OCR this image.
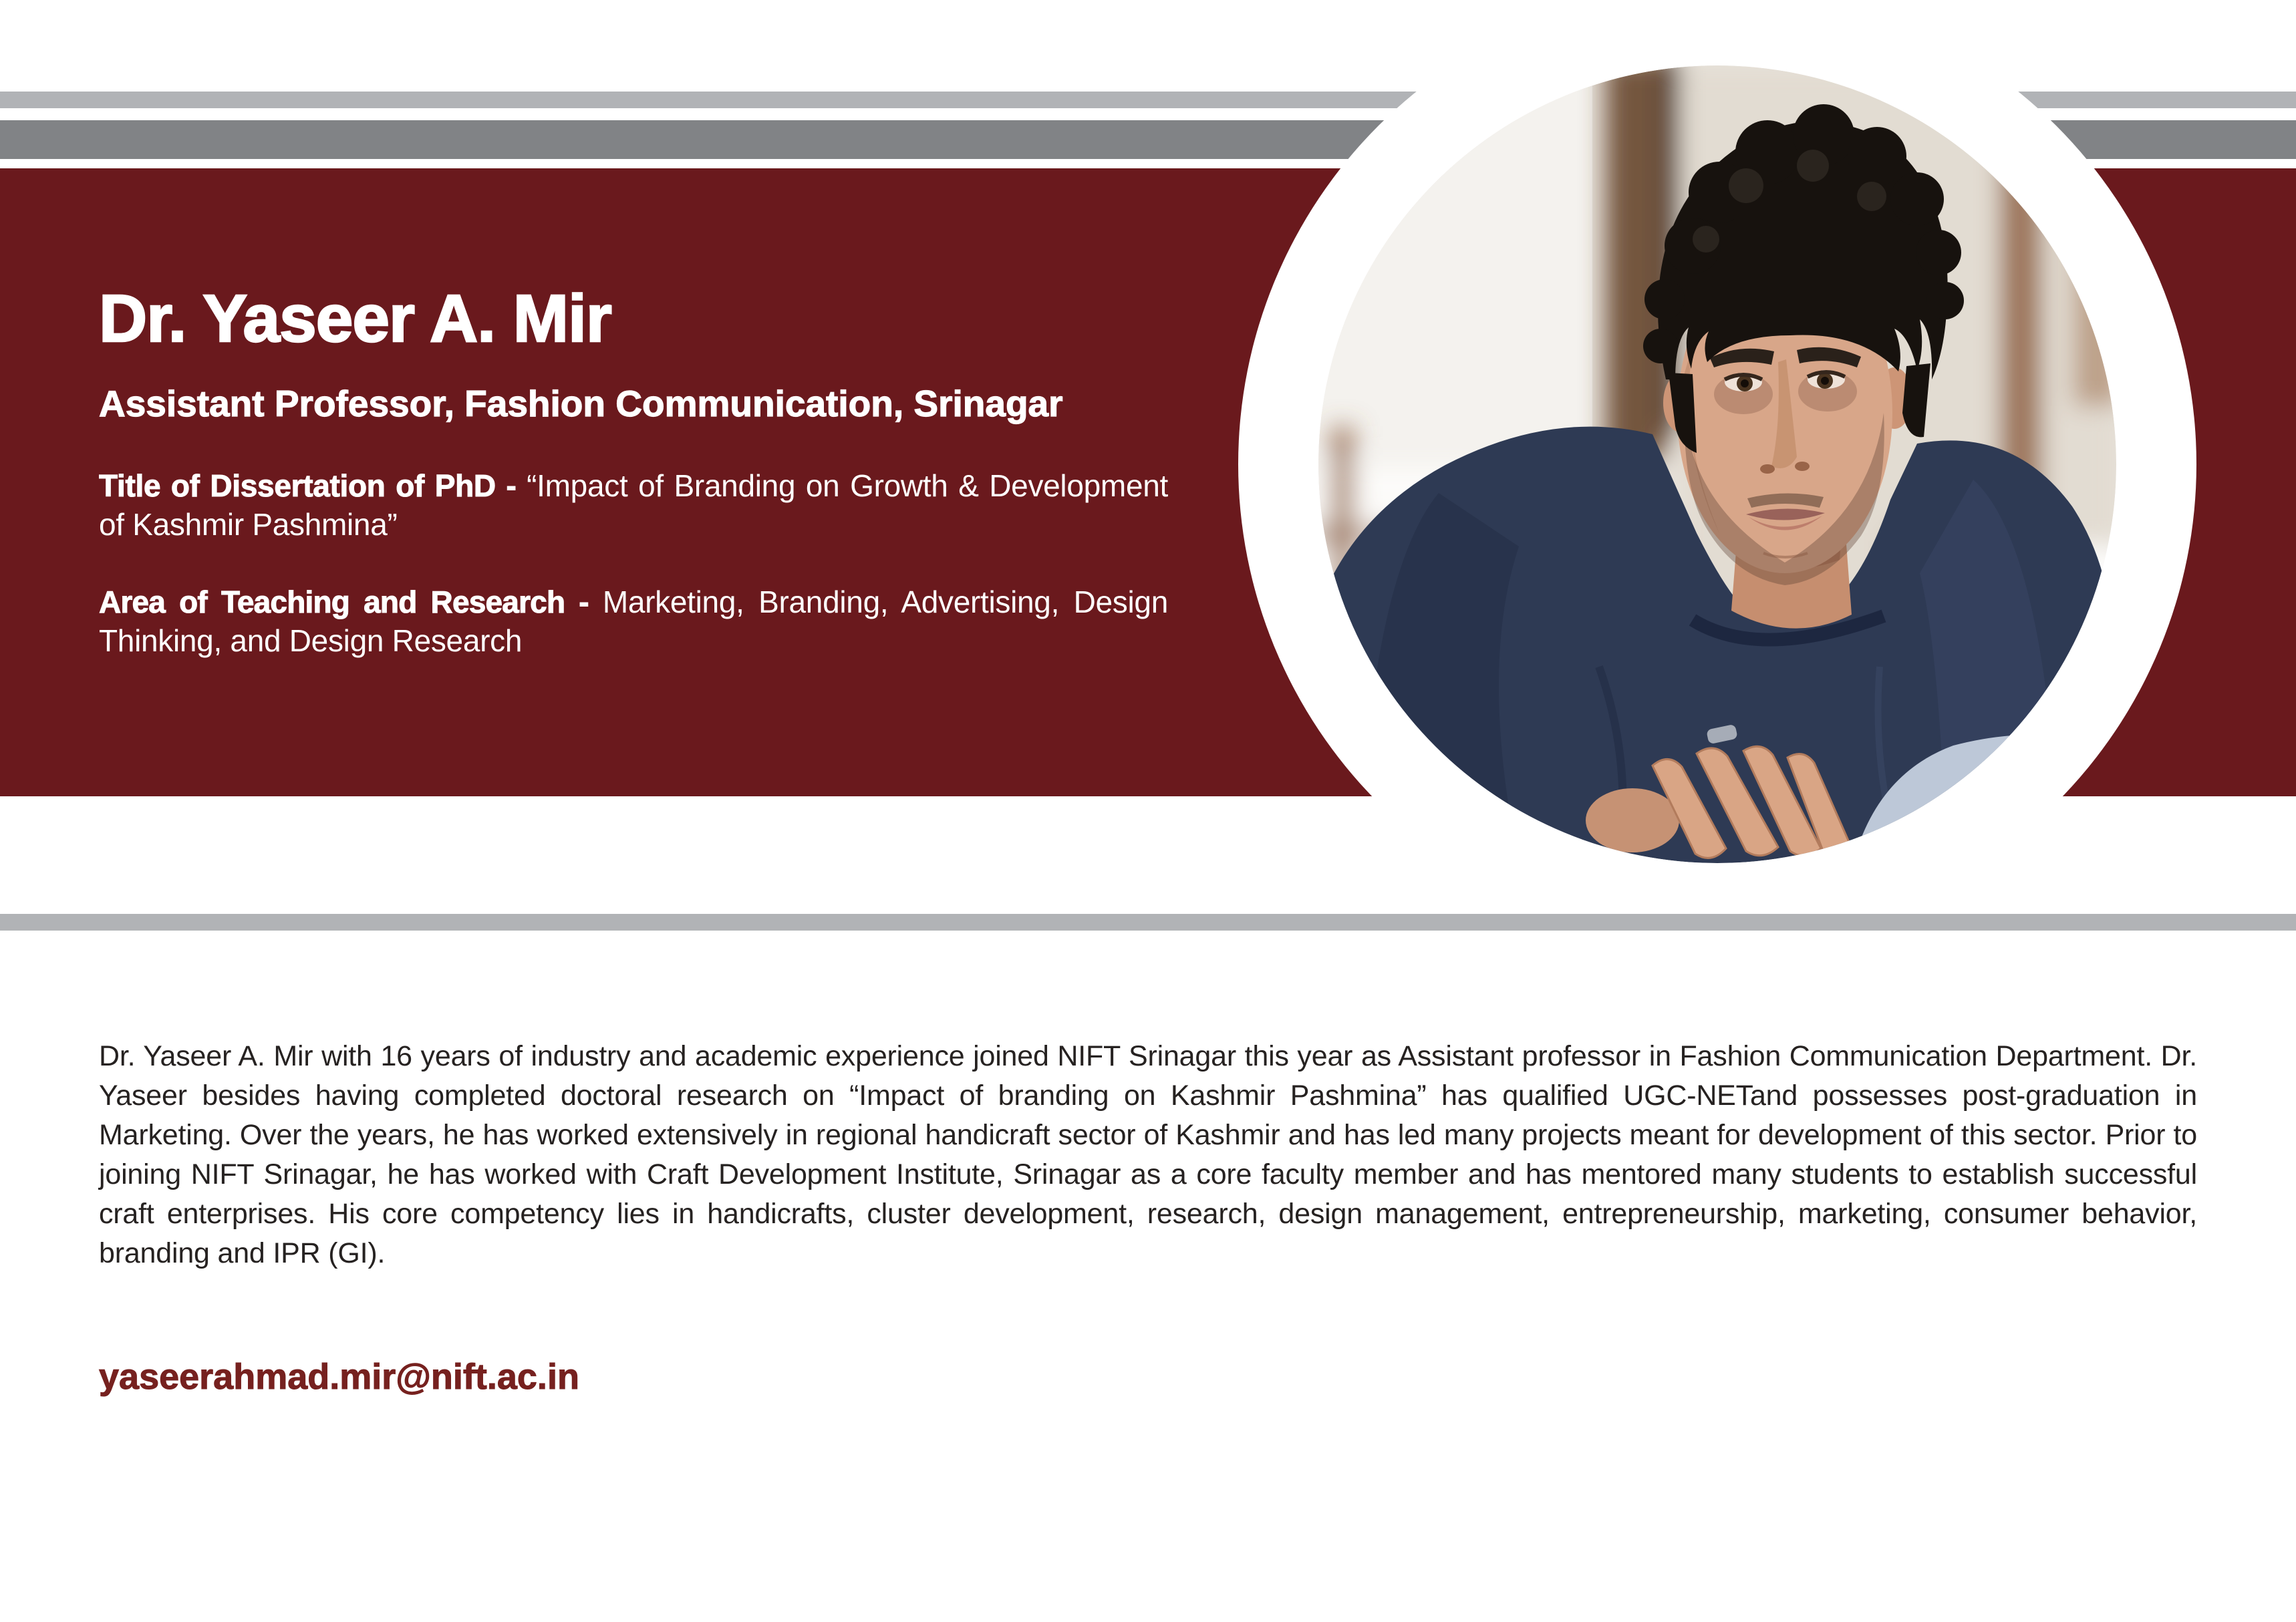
Dr. Yaseer A. Mir
Assistant Professor, Fashion Communication, Srinagar

Title of Dissertation of PhD - “Impact of Branding on Growth & Development of Kashmir Pashmina”

Area of Teaching and Research - Marketing, Branding, Advertising, Design Thinking, and Design Research

Dr. Yaseer A. Mir with 16 years of industry and academic experience joined NIFT Srinagar this year as Assistant professor in Fashion Communication Department. Dr. Yaseer besides having completed doctoral research on “Impact of branding on Kashmir Pashmina” has qualified UGC-NETand possesses post-graduation in Marketing. Over the years, he has worked extensively in regional handicraft sector of Kashmir and has led many projects meant for development of this sector. Prior to joining NIFT Srinagar, he has worked with Craft Development Institute, Srinagar as a core faculty member and has mentored many students to establish successful craft enterprises. His core competency lies in handicrafts, cluster development, research, design management, entrepreneurship, marketing, consumer behavior, branding and IPR (GI).

yaseerahmad.mir@nift.ac.in
